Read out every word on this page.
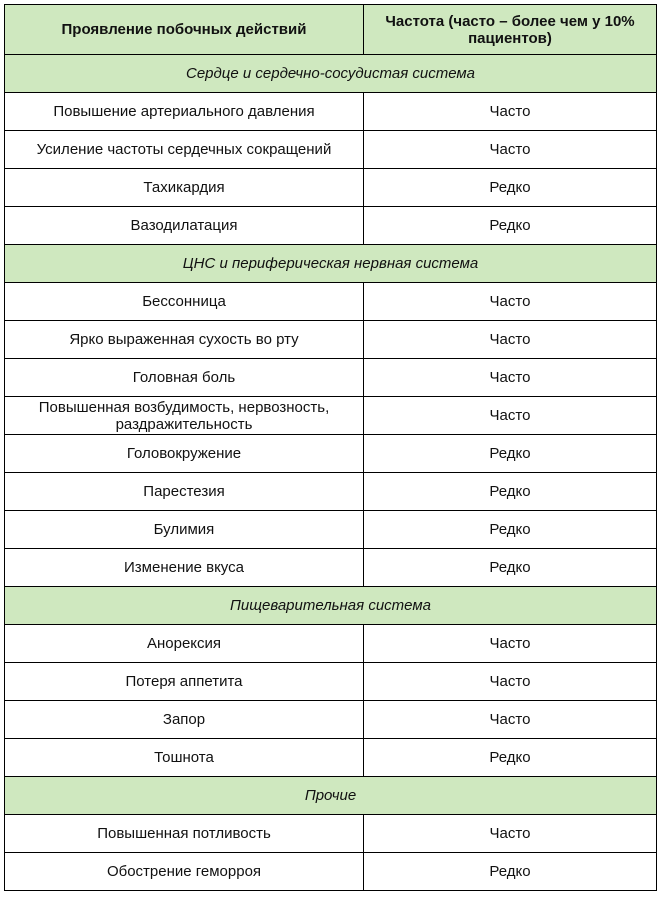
Проявление побочных действий	Частота (часто – более чем у 10% пациентов)
Сердце и сердечно-сосудистая система	
Повышение артериального давления	Часто
Усиление частоты сердечных сокращений	Часто
Тахикардия	Редко
Вазодилатация	Редко
ЦНС и периферическая нервная система	
Бессонница	Часто
Ярко выраженная сухость во рту	Часто
Головная боль	Часто
Повышенная возбудимость, нервозность, раздражительность	Часто
Головокружение	Редко
Парестезия	Редко
Булимия	Редко
Изменение вкуса	Редко
Пищеварительная система	
Анорексия	Часто
Потеря аппетита	Часто
Запор	Часто
Тошнота	Редко
Прочие	
Повышенная потливость	Часто
Обострение геморроя	Редко
